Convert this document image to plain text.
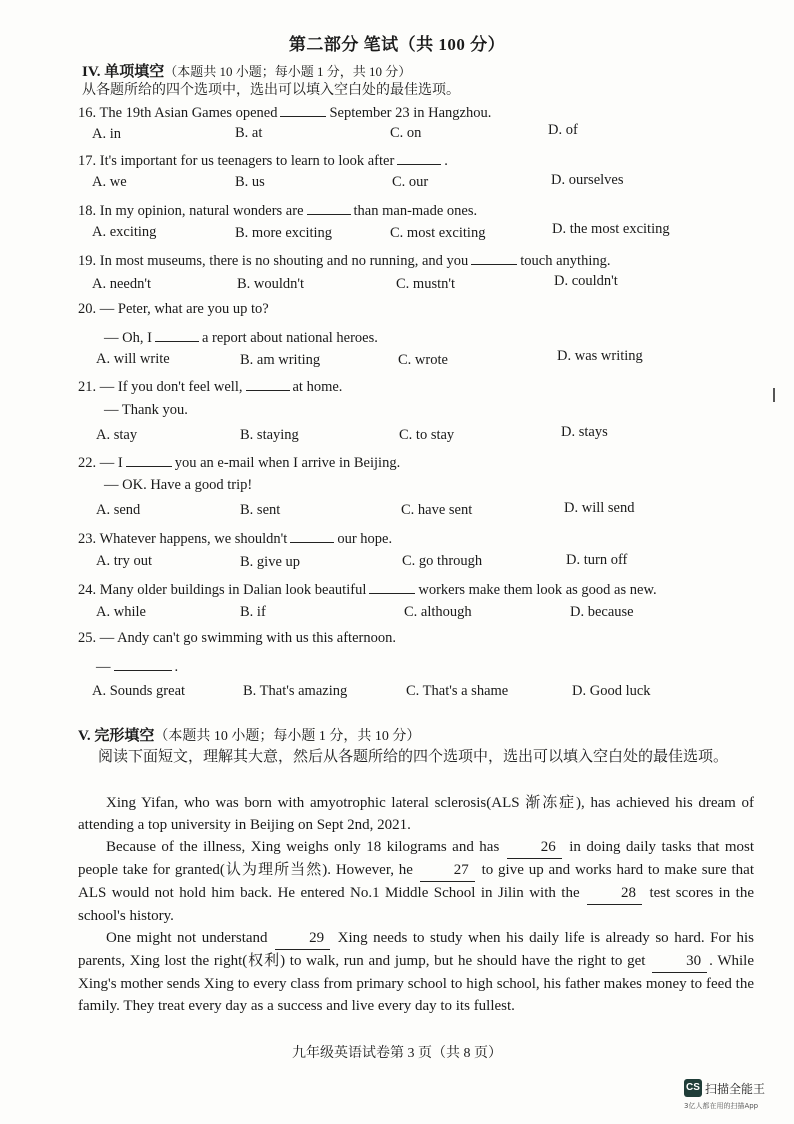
第二部分 笔试（共 100 分）
IV. 单项填空（本题共 10 小题；每小题 1 分，共 10 分）
从各题所给的四个选项中，选出可以填入空白处的最佳选项。
16. The 19th Asian Games opened	September 23 in Hangzhou.
A. in	B. at	C. on	D. of
17. It's important for us teenagers to learn to look after	.
A. we	B. us	C. our	D. ourselves
18. In my opinion, natural wonders are	than man-made ones.
A. exciting	B. more exciting	C. most exciting	D. the most exciting
19. In most museums, there is no shouting and no running, and you	touch anything.
A. needn't	B. wouldn't	C. mustn't	D. couldn't
20. — Peter, what are you up to?
— Oh, I	a report about national heroes.
A. will write	B. am writing	C. wrote	D. was writing
21. — If you don't feel well,	at home.
— Thank you.
A. stay	B. staying	C. to stay	D. stays
22. — I	you an e-mail when I arrive in Beijing.
— OK. Have a good trip!
A. send	B. sent	C. have sent	D. will send
23. Whatever happens, we shouldn't	our hope.
A. try out	B. give up	C. go through	D. turn off
24. Many older buildings in Dalian look beautiful	workers make them look as good as new.
A. while	B. if	C. although	D. because
25. — Andy can't go swimming with us this afternoon.
—	.
A. Sounds great	B. That's amazing	C. That's a shame	D. Good luck
V. 完形填空（本题共 10 小题；每小题 1 分，共 10 分）
阅读下面短文，理解其大意，然后从各题所给的四个选项中，选出可以填入空白处的最佳选项。

Xing Yifan, who was born with amyotrophic lateral sclerosis(ALS 渐冻症), has achieved his dream of attending a top university in Beijing on Sept 2nd, 2021.

Because of the illness, Xing weighs only 18 kilograms and has	26 in doing daily tasks that most people take for granted(认为理所当然). However, he	27 to give up and works hard to make sure that ALS would not hold him back. He entered No.1 Middle School in Jilin with the	28 test scores in the school's history.

One might not understand	29 Xing needs to study when his daily life is already so hard. For his parents, Xing lost the right(权利) to walk, run and jump, but he should have the right to get	30 . While Xing's mother sends Xing to every class from primary school to high school, his father makes money to feed the family. They treat every day as a success and live every day to its fullest.

九年级英语试卷第 3 页（共 8 页）
CS 扫描全能王
3亿人都在用的扫描App
